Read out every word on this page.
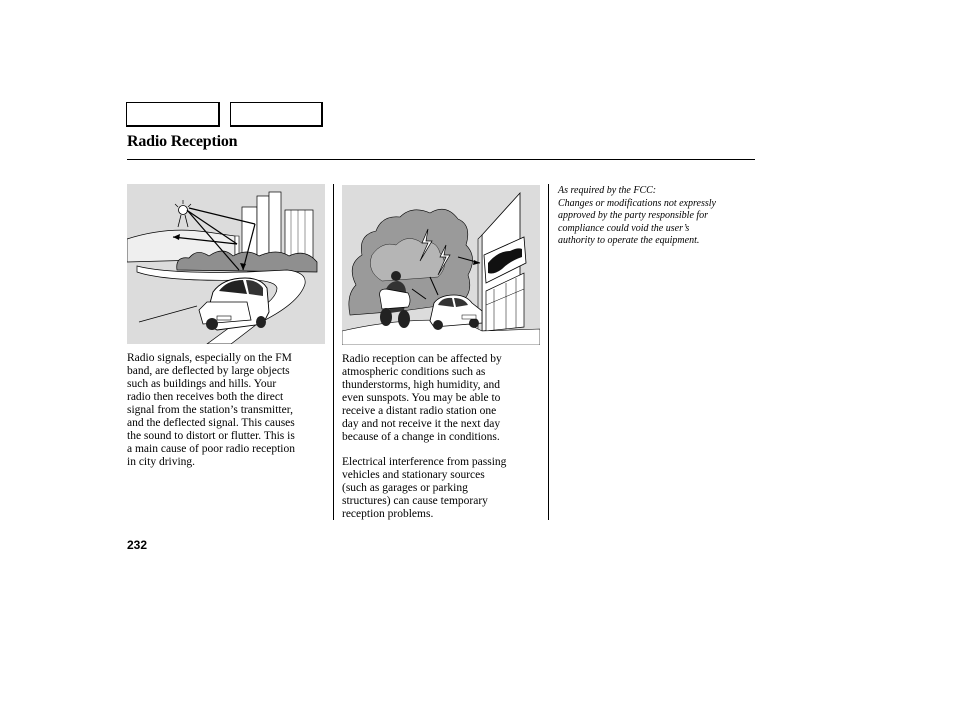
Radio Reception

Radio signals, especially on the FM
band, are deflected by large objects
such as buildings and hills. Your
radio then receives both the direct
signal from the station’s transmitter,
and the deflected signal. This causes
the sound to distort or flutter. This is
a main cause of poor radio reception
in city driving.

Radio reception can be affected by
atmospheric conditions such as
thunderstorms, high humidity, and
even sunspots. You may be able to
receive a distant radio station one
day and not receive it the next day
because of a change in conditions.

Electrical interference from passing
vehicles and stationary sources
(such as garages or parking
structures) can cause temporary
reception problems.

As required by the FCC:
Changes or modifications not expressly
approved by the party responsible for
compliance could void the user’s
authority to operate the equipment.
232
